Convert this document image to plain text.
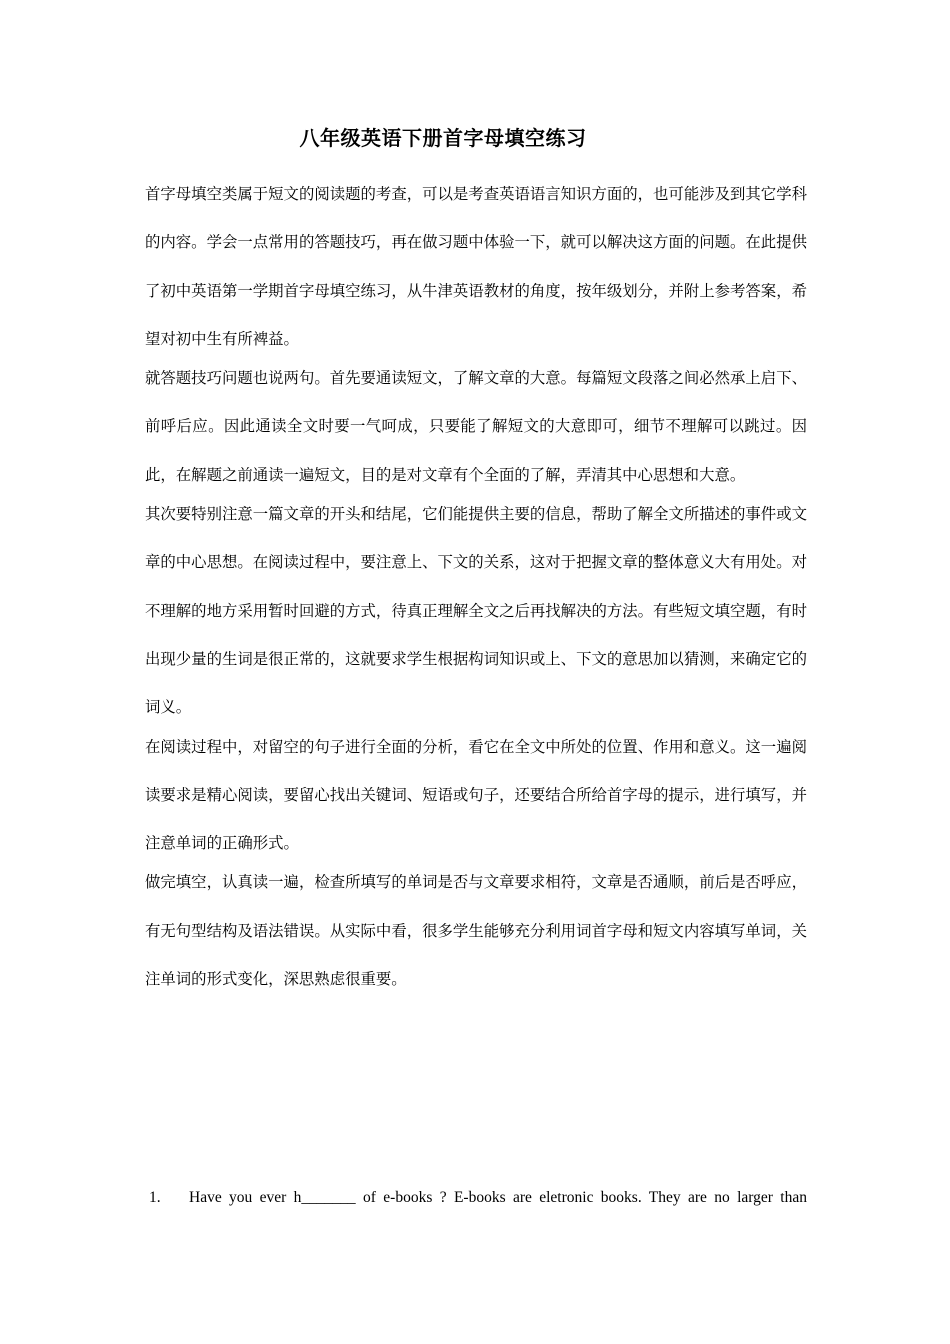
八年级英语下册首字母填空练习

首字母填空类属于短文的阅读题的考查，可以是考查英语语言知识方面的，也可能涉及到其它学科的内容。学会一点常用的答题技巧，再在做习题中体验一下，就可以解决这方面的问题。在此提供了初中英语第一学期首字母填空练习，从牛津英语教材的角度，按年级划分，并附上参考答案，希望对初中生有所裨益。

就答题技巧问题也说两句。首先要通读短文，了解文章的大意。每篇短文段落之间必然承上启下、前呼后应。因此通读全文时要一气呵成，只要能了解短文的大意即可，细节不理解可以跳过。因此，在解题之前通读一遍短文，目的是对文章有个全面的了解，弄清其中心思想和大意。

其次要特别注意一篇文章的开头和结尾，它们能提供主要的信息，帮助了解全文所描述的事件或文章的中心思想。在阅读过程中，要注意上、下文的关系，这对于把握文章的整体意义大有用处。对不理解的地方采用暂时回避的方式，待真正理解全文之后再找解决的方法。有些短文填空题，有时出现少量的生词是很正常的，这就要求学生根据构词知识或上、下文的意思加以猜测，来确定它的词义。

在阅读过程中，对留空的句子进行全面的分析，看它在全文中所处的位置、作用和意义。这一遍阅读要求是精心阅读，要留心找出关键词、短语或句子，还要结合所给首字母的提示，进行填写，并注意单词的正确形式。

做完填空，认真读一遍，检查所填写的单词是否与文章要求相符，文章是否通顺，前后是否呼应，有无句型结构及语法错误。从实际中看，很多学生能够充分利用词首字母和短文内容填写单词，关注单词的形式变化，深思熟虑很重要。

1.	Have you ever h_______ of e-books ? E-books are eletronic books. They are no larger than
